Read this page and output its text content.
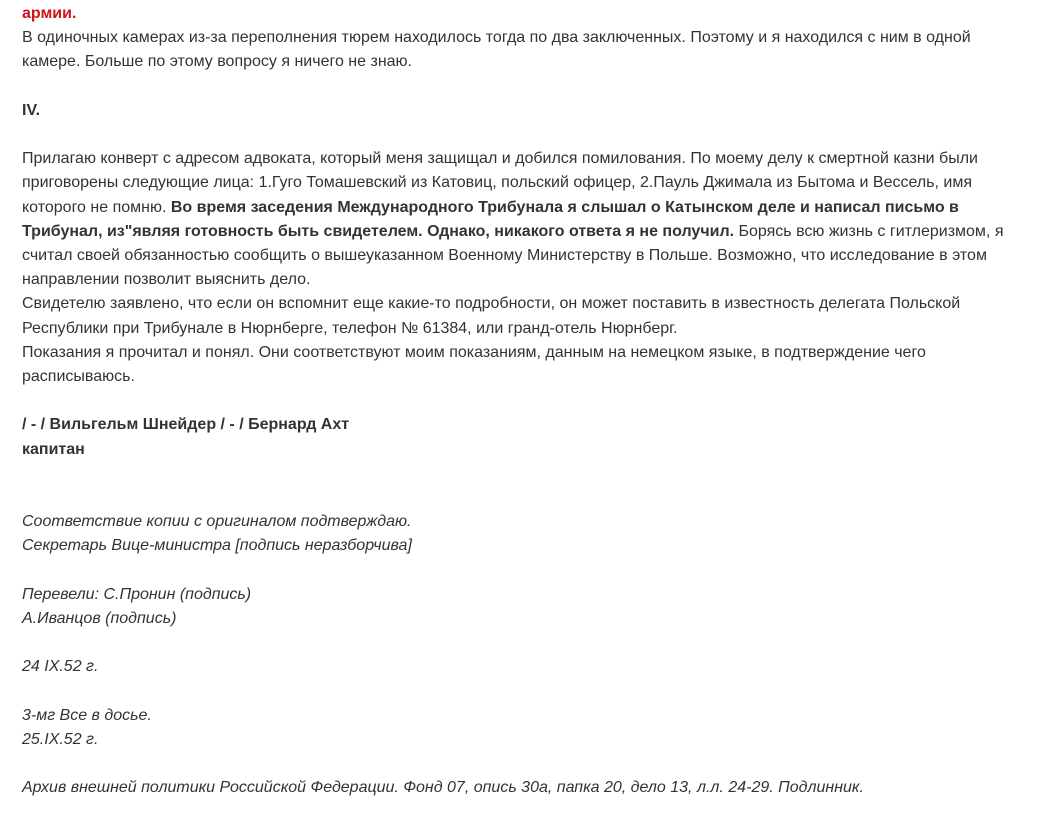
армии.

В одиночных камерах из-за переполнения тюрем находилось тогда по два заключенных. Поэтому и я находился с ним в одной камере. Больше по этому вопросу я ничего не знаю.

IV.

Прилагаю конверт с адресом адвоката, который меня защищал и добился помилования. По моему делу к смертной казни были приговорены следующие лица: 1.Гуго Томашевский из Катовиц, польский офицер, 2.Пауль Джимала из Бытома и Вессель, имя которого не помню. Во время заседения Международного Трибунала я слышал о Катынском деле и написал письмо в Трибунал, из"являя готовность быть свидетелем. Однако, никакого ответа я не получил. Борясь всю жизнь с гитлеризмом, я считал своей обязанностью сообщить о вышеуказанном Военному Министерству в Польше. Возможно, что исследование в этом направлении позволит выяснить дело.

Свидетелю заявлено, что если он вспомнит еще какие-то подробности, он может поставить в известность делегата Польской Республики при Трибунале в Нюрнберге, телефон № 61384, или гранд-отель Нюрнберг.

Показания я прочитал и понял. Они соответствуют моим показаниям, данным на немецком языке, в подтверждение чего расписываюсь.

/ - / Вильгельм Шнейдер / - / Бернард Ахт

капитан

Соответствие копии с оригиналом подтверждаю.

Секретарь Вице-министра [подпись неразборчива]

Перевели: С.Пронин (подпись)

А.Иванцов (подпись)

24 IX.52 г.

3-мг Все в досье.

25.IX.52 г.

Архив внешней политики Российской Федерации. Фонд 07, опись 30а, папка 20, дело 13, л.л. 24-29. Подлинник.
